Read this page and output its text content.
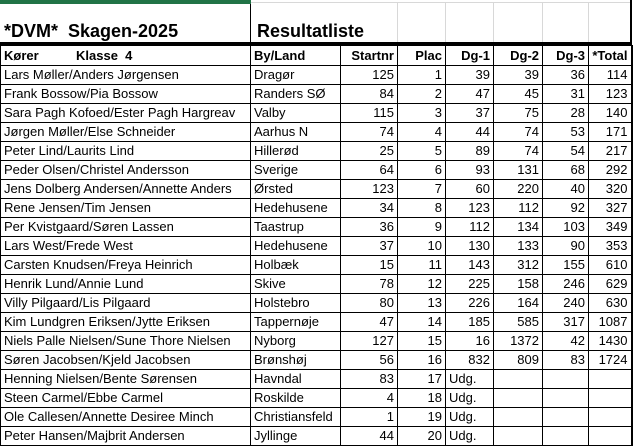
*DVM*  Skagen-2025	Resultatliste
Kører Klasse  4	By/Land	Startnr	Plac	Dg-1	Dg-2	Dg-3	*Total
Lars Møller/Anders Jørgensen	Dragør	125	1	39	39	36	114
Frank Bossow/Pia Bossow	Randers SØ	84	2	47	45	31	123
Sara Pagh Kofoed/Ester Pagh Hargreav	Valby	115	3	37	75	28	140
Jørgen Møller/Else Schneider	Aarhus N	74	4	44	74	53	171
Peter Lind/Laurits Lind	Hillerød	25	5	89	74	54	217
Peder Olsen/Christel Andersson	Sverige	64	6	93	131	68	292
Jens Dolberg Andersen/Annette Anders	Ørsted	123	7	60	220	40	320
Rene Jensen/Tim Jensen	Hedehusene	34	8	123	112	92	327
Per Kvistgaard/Søren Lassen	Taastrup	36	9	112	134	103	349
Lars West/Frede West	Hedehusene	37	10	130	133	90	353
Carsten Knudsen/Freya Heinrich	Holbæk	15	11	143	312	155	610
Henrik Lund/Annie Lund	Skive	78	12	225	158	246	629
Villy Pilgaard/Lis Pilgaard	Holstebro	80	13	226	164	240	630
Kim Lundgren Eriksen/Jytte Eriksen	Tappernøje	47	14	185	585	317	1087
Niels Palle Nielsen/Sune Thore Nielsen	Nyborg	127	15	16	1372	42	1430
Søren Jacobsen/Kjeld Jacobsen	Brønshøj	56	16	832	809	83	1724
Henning Nielsen/Bente Sørensen	Havndal	83	17	Udg.			
Steen Carmel/Ebbe Carmel	Roskilde	4	18	Udg.			
Ole Callesen/Annette Desiree Minch	Christiansfeld	1	19	Udg.			
Peter Hansen/Majbrit Andersen	Jyllinge	44	20	Udg.			
